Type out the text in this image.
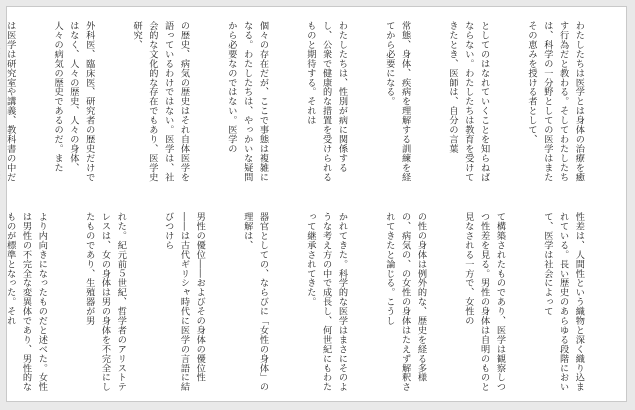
わたしたちは医学とは身体の治療を癒す行為だと教わる。そしてわたしたちは、科学の一分野としての医学はまたその恵みを授ける者として、

としてのはなれていくことを知らねばならない。わたしたちは教育を受けてきたとき、医師は、自分の言葉

常態、身体、疾病を理解する訓練を経てから必要になる。

わたしたちは、性別が病に関係するし、公衆で健康的な措置を受けられるものと期待する。それは

個々の存在だが、ここで事態は複雑になる。わたしたちは、やっかいな疑問から必要なのではない。医学の

の歴史、病気の歴史はそれ自体医学を語っているわけではない。医学は、社会的な文化的な存在でもあり、医学史研究、

外科医、臨床医、研究者の歴史だけではなく、人々の歴史、人々の身体、人々の病気の歴史であるのだ。また

は医学は研究室や講義、教科書の中だ

性差は、人間性という織物と深く織り込まれている。長い歴史のあらゆる段階において、医学は社会によって

て構築されたものであり、医学は観察しつつ性差を見る。男性の身体は自明のものと見なされる一方で、女性の

の性の身体は例外的な、歴史を経る多様の、病気の、の女性の身体はたえず解釈されてきたと論じる。こうし

かれてきた。科学的な医学はまさにそのような考え方の中で成長し、何世紀にもわたって継承されてきた。

器官としての、ならびに「女性の身体」の理解は、

男性の優位――およびその身体の優位性――は古代ギリシャ時代に医学の言語に結びつけら

れた。紀元前５世紀、哲学者のアリストテレスは、女の身体は男の身体を不完全にしたものであり、生殖器が男

より内向きになったものだと述べた。女性は男性の不完全な変異体であり、男性的なものが標準となった。それ
